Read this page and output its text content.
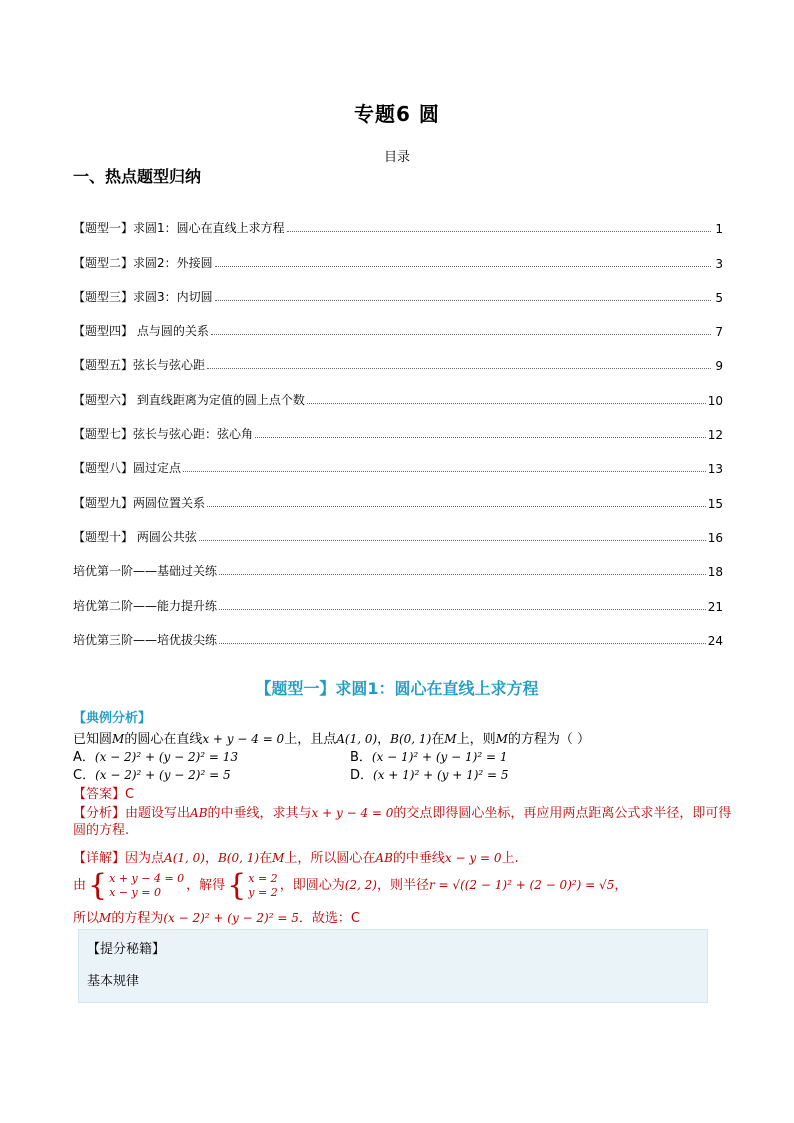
专题6 圆
目录
一、热点题型归纳
【题型一】求圆1：圆心在直线上求方程	1
【题型二】求圆2：外接圆	3
【题型三】求圆3：内切圆	5
【题型四】 点与圆的关系	7
【题型五】弦长与弦心距	9
【题型六】 到直线距离为定值的圆上点个数	10
【题型七】弦长与弦心距：弦心角	12
【题型八】圆过定点	13
【题型九】两圆位置关系	15
【题型十】 两圆公共弦	16
培优第一阶——基础过关练	18
培优第二阶——能力提升练	21
培优第三阶——培优拔尖练	24
【题型一】求圆1：圆心在直线上求方程
【典例分析】
已知圆M的圆心在直线x + y − 4 = 0上，且点A(1, 0)，B(0, 1)在M上，则M的方程为（ ）
A．(x − 2)² + (y − 2)² = 13	B．(x − 1)² + (y − 1)² = 1
C．(x − 2)² + (y − 2)² = 5	D．(x + 1)² + (y + 1)² = 5
【答案】C
【分析】由题设写出AB的中垂线，求其与x + y − 4 = 0的交点即得圆心坐标，再应用两点距离公式求半径，即可得圆的方程.
【详解】因为点A(1, 0)，B(0, 1)在M上，所以圆心在AB的中垂线x − y = 0上.
由 { x + y − 4 = 0
x − y = 0	，解得 { x = 2
y = 2 ，即圆心为(2, 2)，则半径r = √((2 − 1)² + (2 − 0)²) = √5，
所以M的方程为(x − 2)² + (y − 2)² = 5．故选：C
【提分秘籍】
基本规律
